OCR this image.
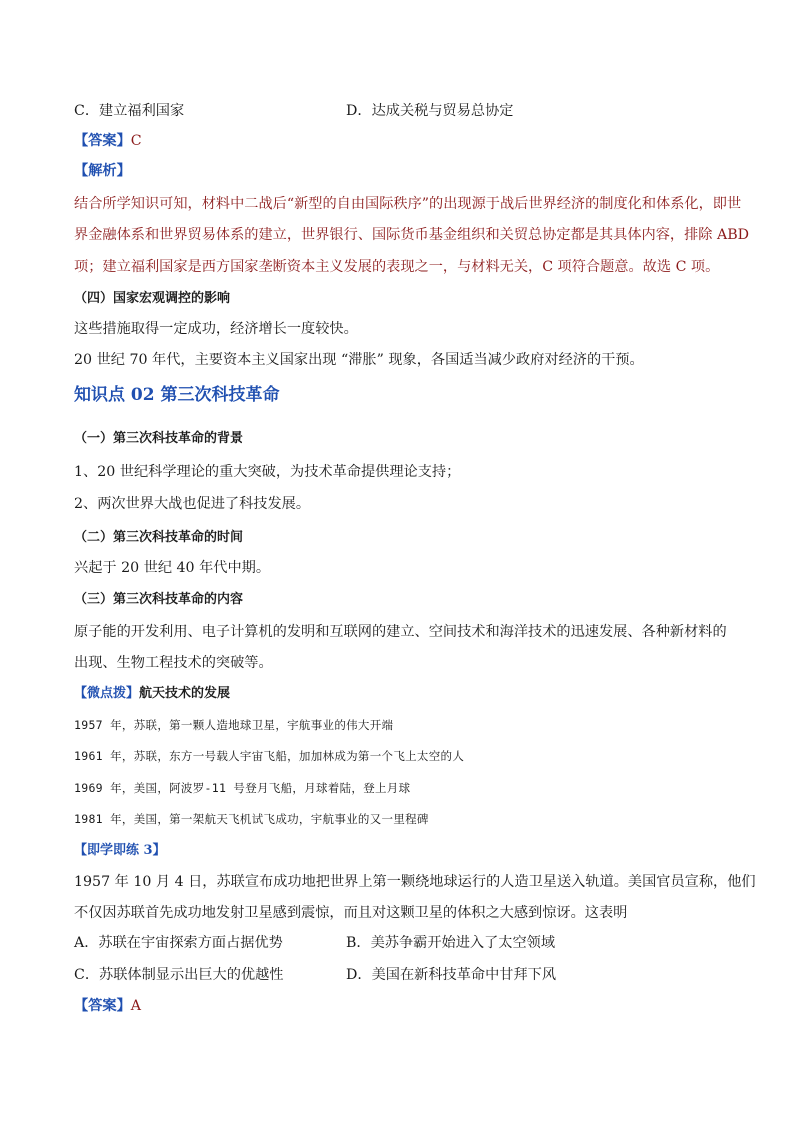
C．建立福利国家	D．达成关税与贸易总协定
【答案】C
【解析】
结合所学知识可知，材料中二战后“新型的自由国际秩序”的出现源于战后世界经济的制度化和体系化，即世
界金融体系和世界贸易体系的建立，世界银行、国际货币基金组织和关贸总协定都是其具体内容，排除 ABD
项；建立福利国家是西方国家垄断资本主义发展的表现之一，与材料无关，C 项符合题意。故选 C 项。
（四）国家宏观调控的影响
这些措施取得一定成功，经济增长一度较快。
20 世纪 70 年代，主要资本主义国家出现 “滞胀” 现象，各国适当减少政府对经济的干预。
知识点 02 第三次科技革命
（一）第三次科技革命的背景
1、20 世纪科学理论的重大突破，为技术革命提供理论支持；
2、两次世界大战也促进了科技发展。
（二）第三次科技革命的时间
兴起于 20 世纪 40 年代中期。
（三）第三次科技革命的内容
原子能的开发利用、电子计算机的发明和互联网的建立、空间技术和海洋技术的迅速发展、各种新材料的
出现、生物工程技术的突破等。
【微点拨】航天技术的发展
1957 年，苏联，第一颗人造地球卫星，宇航事业的伟大开端
1961 年，苏联，东方一号载人宇宙飞船，加加林成为第一个飞上太空的人
1969 年，美国，阿波罗-11 号登月飞船，月球着陆，登上月球
1981 年，美国，第一架航天飞机试飞成功，宇航事业的又一里程碑
【即学即练 3】
1957 年 10 月 4 日，苏联宣布成功地把世界上第一颗绕地球运行的人造卫星送入轨道。美国官员宣称，他们
不仅因苏联首先成功地发射卫星感到震惊，而且对这颗卫星的体积之大感到惊讶。这表明
A．苏联在宇宙探索方面占据优势	B．美苏争霸开始进入了太空领域
C．苏联体制显示出巨大的优越性	D．美国在新科技革命中甘拜下风
【答案】A
